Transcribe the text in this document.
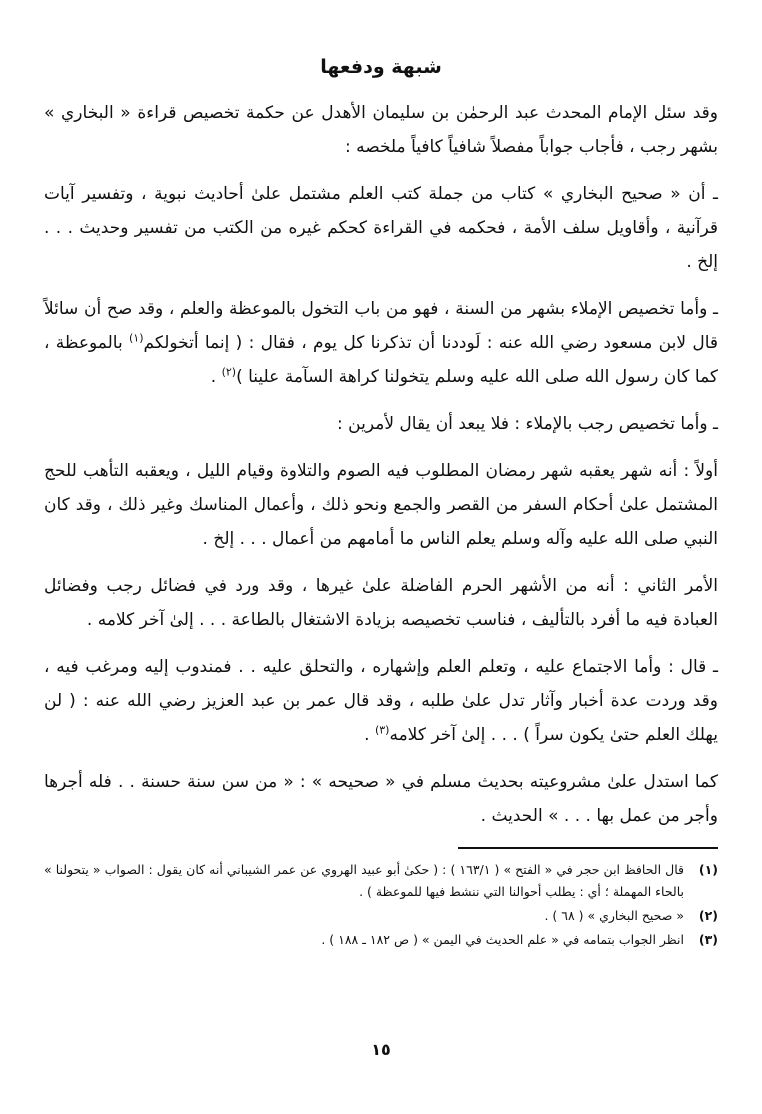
شبهة ودفعها

وقد سئل الإمام المحدث عبد الرحمٰن بن سليمان الأهدل عن حكمة تخصيص قراءة « البخاري » بشهر رجب ، فأجاب جواباً مفصلاً شافياً كافياً ملخصه :

ـ أن « صحيح البخاري » كتاب من جملة كتب العلم مشتمل علىٰ أحاديث نبوية ، وتفسير آيات قرآنية ، وأقاويل سلف الأمة ، فحكمه في القراءة كحكم غيره من الكتب من تفسير وحديث . . . إلخ .

ـ وأما تخصيص الإملاء بشهر من السنة ، فهو من باب التخول بالموعظة والعلم ، وقد صح أن سائلاً قال لابن مسعود رضي الله عنه : لَوددنا أن تذكرنا كل يوم ، فقال : ( إنما أتخولكم$^{(١)}$ بالموعظة ، كما كان رسول الله صلى الله عليه وسلم يتخولنا كراهة السآمة علينا )$^{(٢)}$ .

ـ وأما تخصيص رجب بالإملاء : فلا يبعد أن يقال لأمرين :

أولاً : أنه شهر يعقبه شهر رمضان المطلوب فيه الصوم والتلاوة وقيام الليل ، ويعقبه التأهب للحج المشتمل علىٰ أحكام السفر من القصر والجمع ونحو ذلك ، وأعمال المناسك وغير ذلك ، وقد كان النبي صلى الله عليه وآله وسلم يعلم الناس ما أمامهم من أعمال . . . إلخ .

الأمر الثاني : أنه من الأشهر الحرم الفاضلة علىٰ غيرها ، وقد ورد في فضائل رجب وفضائل العبادة فيه ما أفرد بالتأليف ، فناسب تخصيصه بزيادة الاشتغال بالطاعة . . . إلىٰ آخر كلامه .

ـ قال : وأما الاجتماع عليه ، وتعلم العلم وإشهاره ، والتحلق عليه . . فمندوب إليه ومرغب فيه ، وقد وردت عدة أخبار وآثار تدل علىٰ طلبه ، وقد قال عمر بن عبد العزيز رضي الله عنه : ( لن يهلك العلم حتىٰ يكون سراً ) . . . إلىٰ آخر كلامه$^{(٣)}$ .

كما استدل علىٰ مشروعيته بحديث مسلم في « صحيحه » : « من سن سنة حسنة . . فله أجرها وأجر من عمل بها . . . » الحديث .

(١)
قال الحافظ ابن حجر في « الفتح » ( ١٦٣/١ ) : ( حكىٰ أبو عبيد الهروي عن عمر الشيباني أنه كان يقول : الصواب « يتحولنا » بالحاء المهملة ؛ أي : يطلب أحوالنا التي ننشط فيها للموعظة ) .
(٢)
« صحيح البخاري » ( ٦٨ ) .
(٣)
انظر الجواب بتمامه في « علم الحديث في اليمن » ( ص ١٨٢ ـ ١٨٨ ) .
١٥
